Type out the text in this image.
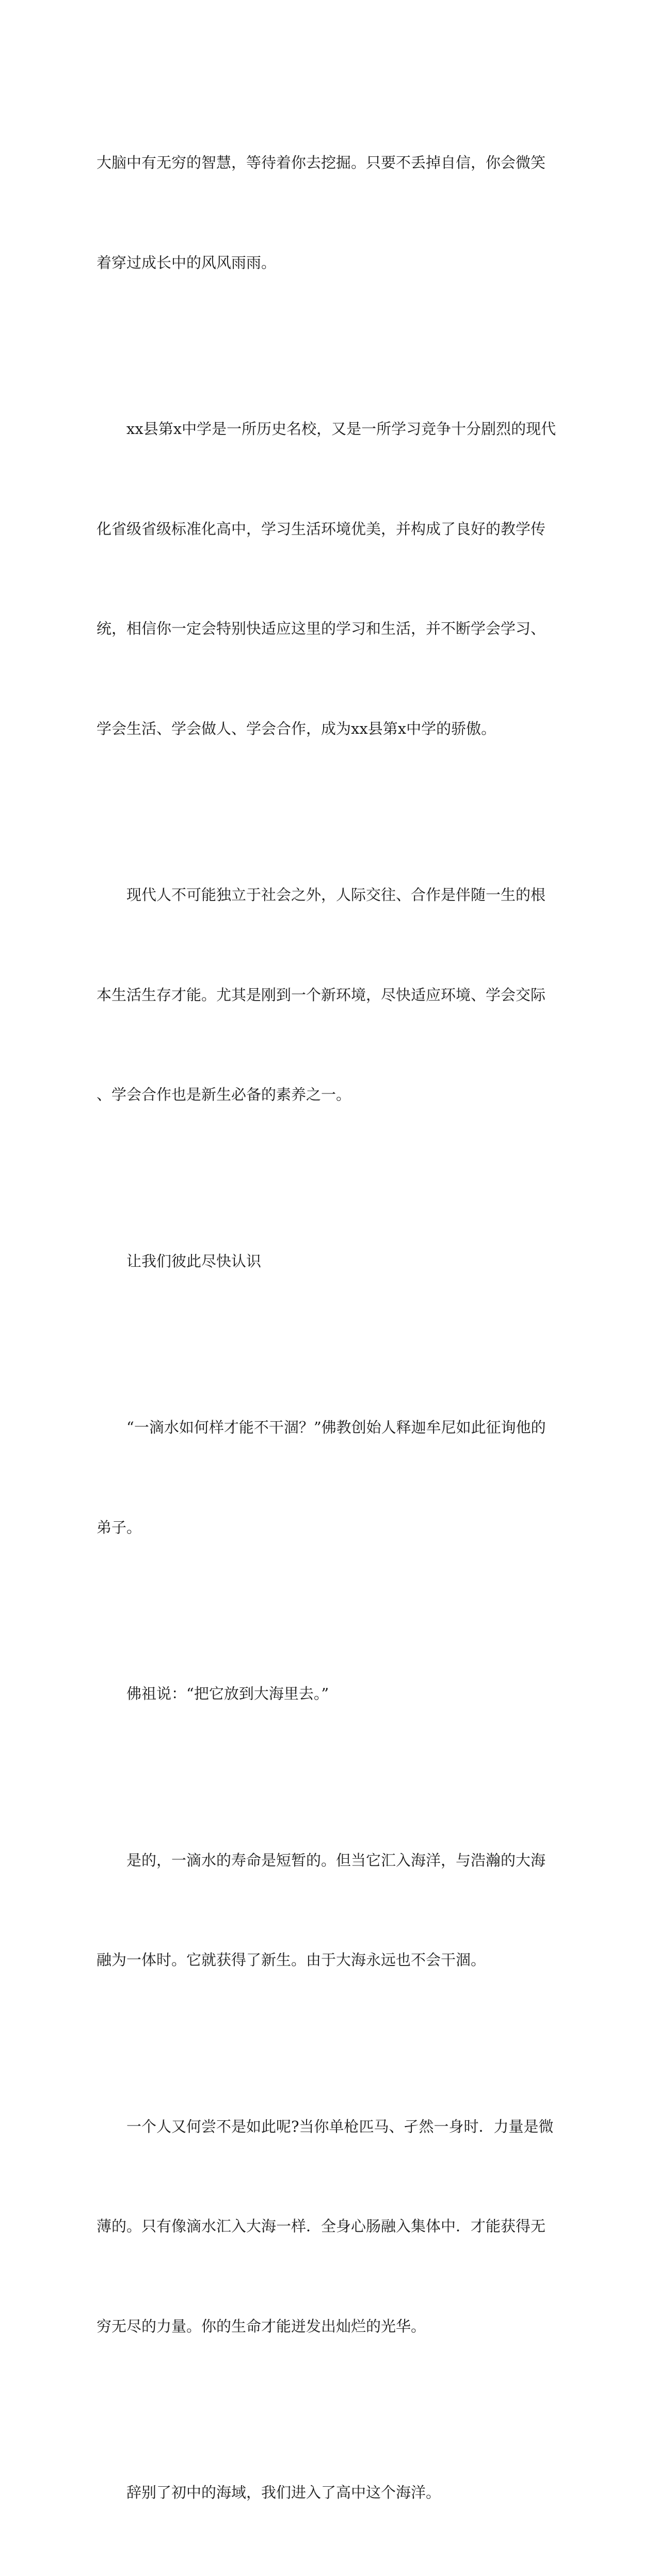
大脑中有无穷的智慧，等待着你去挖掘。只要不丢掉自信，你会微笑

着穿过成长中的风风雨雨。

　　xx县第x中学是一所历史名校，又是一所学习竞争十分剧烈的现代

化省级省级标准化高中，学习生活环境优美，并构成了良好的教学传

统，相信你一定会特别快适应这里的学习和生活，并不断学会学习、

学会生活、学会做人、学会合作，成为xx县第x中学的骄傲。

　　现代人不可能独立于社会之外，人际交往、合作是伴随一生的根

本生活生存才能。尤其是刚到一个新环境，尽快适应环境、学会交际

、学会合作也是新生必备的素养之一。

　　让我们彼此尽快认识

　　“一滴水如何样才能不干涸？”佛教创始人释迦牟尼如此征询他的

弟子。

　　佛祖说：“把它放到大海里去。”

　　是的，一滴水的寿命是短暂的。但当它汇入海洋，与浩瀚的大海

融为一体时。它就获得了新生。由于大海永远也不会干涸。

　　一个人又何尝不是如此呢?当你单枪匹马、孑然一身时．力量是微

薄的。只有像滴水汇入大海一样．全身心肠融入集体中．才能获得无

穷无尽的力量。你的生命才能迸发出灿烂的光华。

　　辞别了初中的海域，我们进入了高中这个海洋。
